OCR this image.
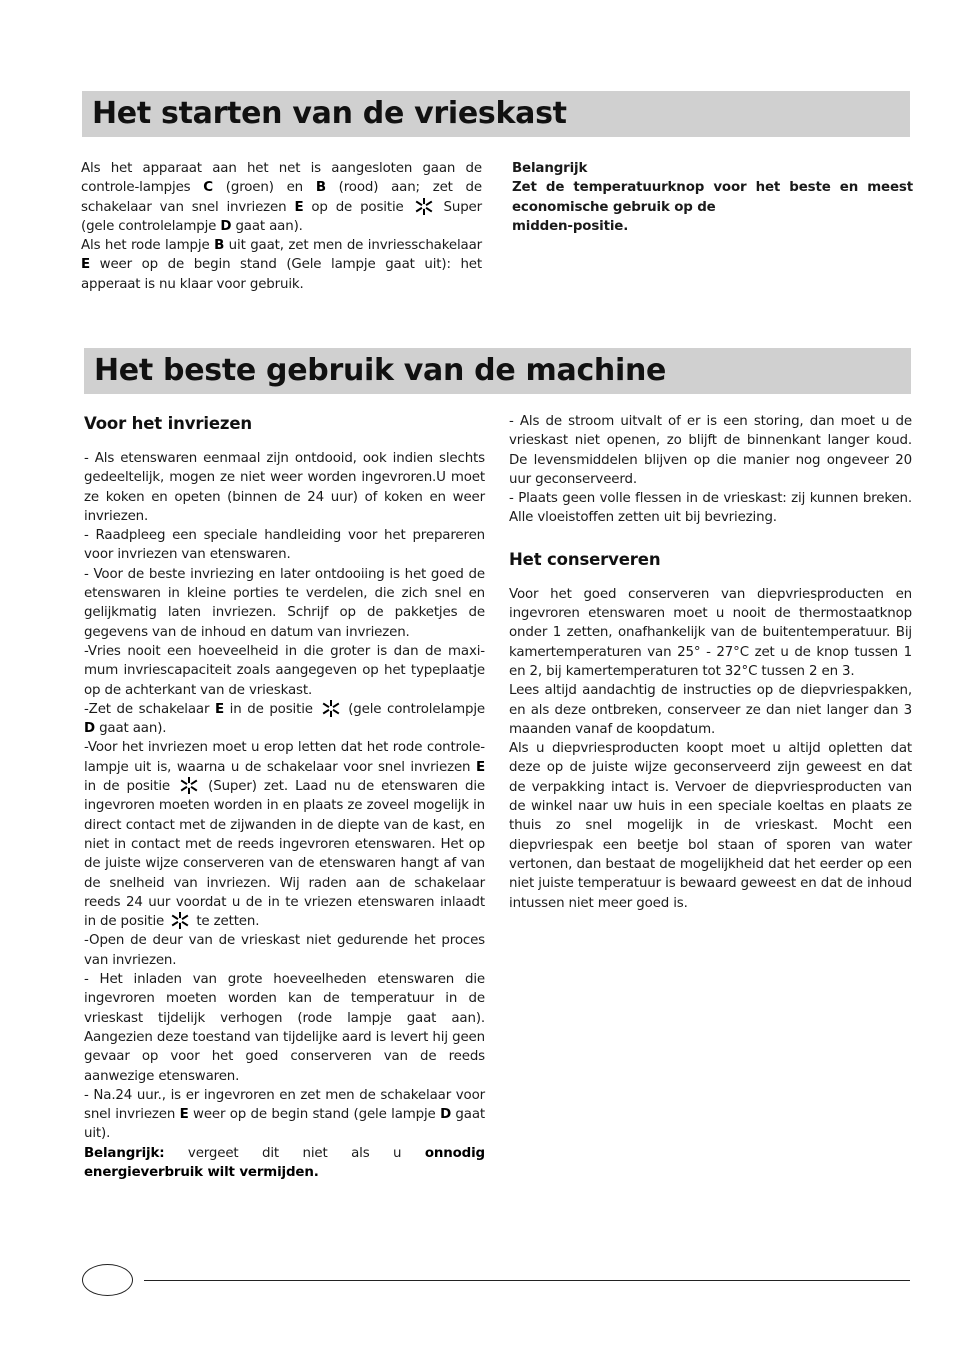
Het starten van de vrieskast

Als het apparaat aan het net is aangesloten gaan de controle-lampjes C (groen) en B (rood) aan; zet de schakelaar van snel invriezen E op de positie
Super (gele controlelampje D gaat aan).

Als het rode lampje B uit gaat, zet men de invriesschakelaar E weer op de begin stand (Gele lampje gaat uit): het apperaat is nu klaar voor gebruik.

Belangrijk

Zet de temperatuurknop voor het beste en meest economische gebruik op de

midden-positie.

Het beste gebruik van de machine

Voor het invriezen

- Als etenswaren eenmaal zijn ontdooid, ook indien slechts gedeeltelijk, mogen ze niet weer worden ingevroren.U moet ze koken en opeten (binnen de 24 uur) of koken en weer invriezen.

- Raadpleeg een speciale handleiding voor het prepareren voor invriezen van etenswaren.

- Voor de beste invriezing en later ontdooiing is het goed de etenswaren in kleine porties te verdelen, die zich snel en gelijkmatig laten invriezen. Schrijf op de pakketjes de gegevens van de inhoud en datum van invriezen.

-Vries nooit een hoeveelheid in die groter is dan de maxi-mum invriescapaciteit zoals aangegeven op het typeplaatje op de achterkant van de vrieskast.

-Zet de schakelaar E in de positie
(gele controlelampje D gaat aan).

-Voor het invriezen moet u erop letten dat het rode controle-lampje uit is, waarna u de schakelaar voor snel invriezen E in de positie
(Super) zet. Laad nu de etenswaren die ingevroren moeten worden in en plaats ze zoveel mogelijk in direct contact met de zijwanden in de diepte van de kast, en niet in contact met de reeds ingevroren etenswaren. Het op de juiste wijze conserveren van de etenswaren hangt af van de snelheid van invriezen. Wij raden aan de schakelaar reeds 24 uur voordat u de in te vriezen etenswaren inlaadt in de positie
te zetten.

-Open de deur van de vrieskast niet gedurende het proces van invriezen.

- Het inladen van grote hoeveelheden etenswaren die ingevroren moeten worden kan de temperatuur in de vrieskast tijdelijk verhogen (rode lampje gaat aan). Aangezien deze toestand van tijdelijke aard is levert hij geen gevaar op voor het goed conserveren van de reeds aanwezige etenswaren.

- Na.24 uur., is er ingevroren en zet men de schakelaar voor snel invriezen E weer op de begin stand (gele lampje D gaat uit).

Belangrijk: vergeet dit niet als u onnodig energieverbruik wilt vermijden.

- Als de stroom uitvalt of er is een storing, dan moet u de vrieskast niet openen, zo blijft de binnenkant langer koud. De levensmiddelen blijven op die manier nog ongeveer 20 uur geconserveerd.

- Plaats geen volle flessen in de vrieskast: zij kunnen breken. Alle vloeistoffen zetten uit bij bevriezing.

Het conserveren

Voor het goed conserveren van diepvriesproducten en ingevroren etenswaren moet u nooit de thermostaatknop onder 1 zetten, onafhankelijk van de buitentemperatuur. Bij kamertemperaturen van 25° - 27°C zet u de knop tussen 1 en 2, bij kamertemperaturen tot 32°C tussen 2 en 3.

Lees altijd aandachtig de instructies op de diepvriespakken, en als deze ontbreken, conserveer ze dan niet langer dan 3 maanden vanaf de koopdatum.

Als u diepvriesproducten koopt moet u altijd opletten dat deze op de juiste wijze geconserveerd zijn geweest en dat de verpakking intact is. Vervoer de diepvriesproducten van de winkel naar uw huis in een speciale koeltas en plaats ze thuis zo snel mogelijk in de vrieskast. Mocht een diepvriespak een beetje bol staan of sporen van water vertonen, dan bestaat de mogelijkheid dat het eerder op een niet juiste temperatuur is bewaard geweest en dat de inhoud intussen niet meer goed is.
